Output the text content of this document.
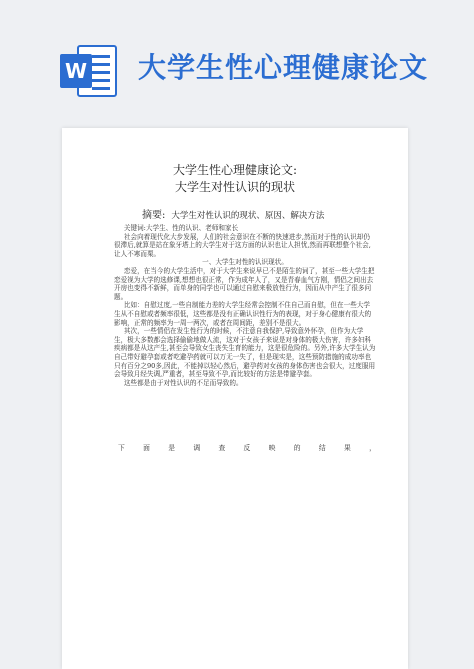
W 大学生性心理健康论文
大学生性心理健康论文:
大学生对性认识的现状
摘要: 大学生对性认识的现状、原因、解决方法

关键词:大学生、性的认识、老师和家长

社会向着现代化大步发展，人们的社会意识在不断的快速进步,然而对于性的认识却仍很滞后,就算是站在象牙塔上的大学生对于这方面的认识也让人担忧,然而再联想整个社会,让人不寒而栗。

一、大学生对性的认识现状。

恋爱，在当今的大学生活中，对于大学生来说早已不是陌生的词了，甚至一些大学生把恋爱视为大学的选修课,想想也很正常，作为成年人了，又是青春血气方刚，情侣之间出去开房也变得不新鲜，而单身的同学也可以通过自慰来极放性行为，因而从中产生了很多问题。

比如：自慰过度,一些自制能力差的大学生经常会控制不住自己而自慰，但在一些大学生从不自慰或者频率很低，这些都是没有正确认识性行为的表现，对于身心健康有很大的影响，正常的频率为一周一两次，或者在周间距，差别不是很大。

其次，一些情侣在发生性行为的时候，不注意自我保护,导致意外怀孕，但作为大学生，极大多数都会选择偷偷地做人流，这对于女孩子来说是对身体的极大伤害，许多妇科疾病都是从这产生,甚至会导致女生丧失生育的能力，这是很危险的。另外,许多大学生认为自己带好避孕套或者吃避孕药就可以万无一失了，但是现实是，这些预防措施的成功率也只有百分之90多,因此，不能掉以轻心然后，避孕药对女孩的身体伤害也会很大，过度服用会导致月经失调,严重者，甚至导致不孕,而比较好的方法是带避孕套。

这些都是由于对性认识的不足而导致的。

下	面	是	调	查	反	映	的	结	果	，
